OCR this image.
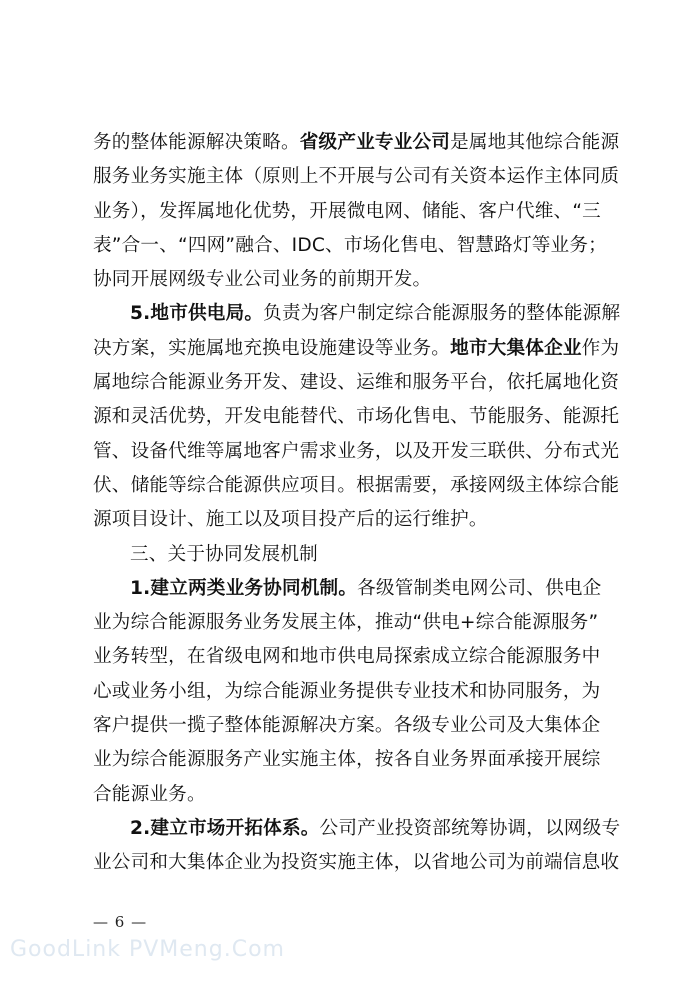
务的整体能源解决策略。省级产业专业公司是属地其他综合能源
服务业务实施主体（原则上不开展与公司有关资本运作主体同质
业务），发挥属地化优势，开展微电网、储能、客户代维、“三
表”合一、“四网”融合、IDC、市场化售电、智慧路灯等业务；
协同开展网级专业公司业务的前期开发。
5.地市供电局。负责为客户制定综合能源服务的整体能源解
决方案，实施属地充换电设施建设等业务。地市大集体企业作为
属地综合能源业务开发、建设、运维和服务平台，依托属地化资
源和灵活优势，开发电能替代、市场化售电、节能服务、能源托
管、设备代维等属地客户需求业务，以及开发三联供、分布式光
伏、储能等综合能源供应项目。根据需要，承接网级主体综合能
源项目设计、施工以及项目投产后的运行维护。
三、关于协同发展机制
1.建立两类业务协同机制。各级管制类电网公司、供电企
业为综合能源服务业务发展主体，推动“供电+综合能源服务”
业务转型，在省级电网和地市供电局探索成立综合能源服务中
心或业务小组，为综合能源业务提供专业技术和协同服务，为
客户提供一揽子整体能源解决方案。各级专业公司及大集体企
业为综合能源服务产业实施主体，按各自业务界面承接开展综
合能源业务。
2.建立市场开拓体系。公司产业投资部统筹协调，以网级专
业公司和大集体企业为投资实施主体，以省地公司为前端信息收
— 6 —
GoodLink PVMeng.Com
